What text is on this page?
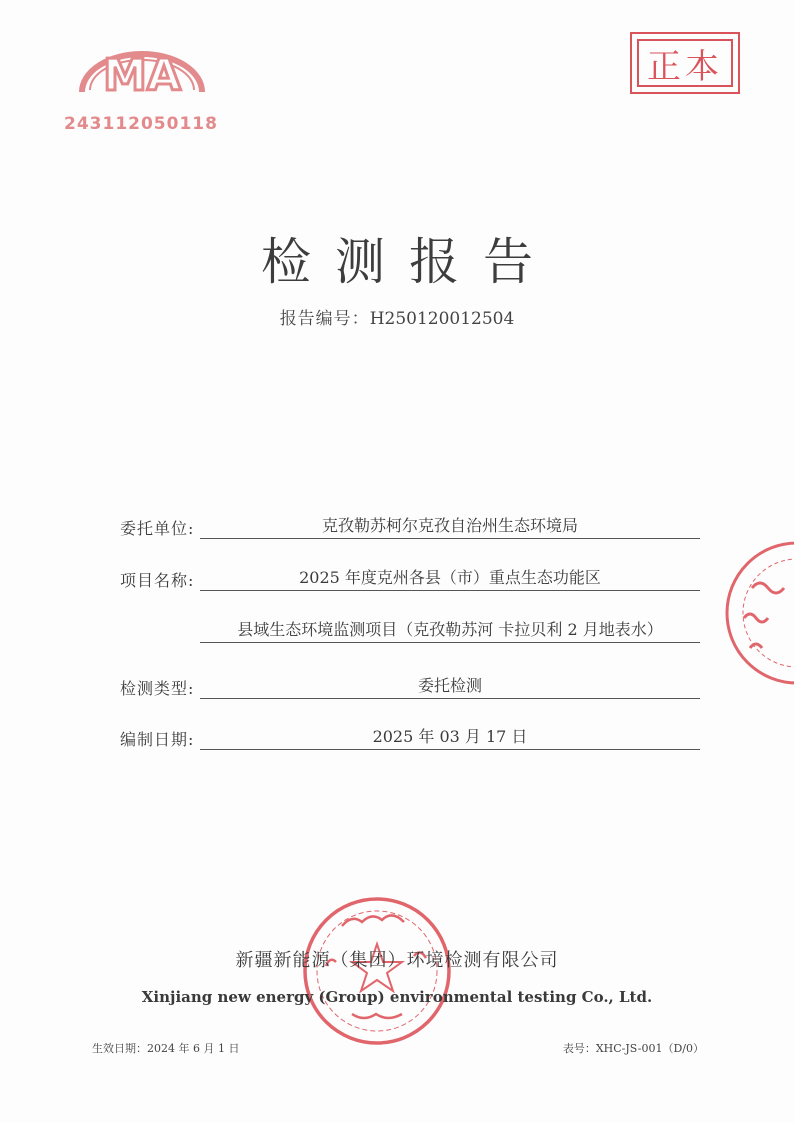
MA
243112050118
正本
检测报告
报告编号：H250120012504
委托单位:	克孜勒苏柯尔克孜自治州生态环境局
项目名称:	2025 年度克州各县（市）重点生态功能区
县域生态环境监测项目（克孜勒苏河 卡拉贝利 2 月地表水）
检测类型:	委托检测
编制日期:	2025 年 03 月 17 日
新疆新能源（集团）环境检测有限公司
Xinjiang new energy (Group) environmental testing Co., Ltd.
生效日期：2024 年 6 月 1 日	表号：XHC-JS-001（D/0）
